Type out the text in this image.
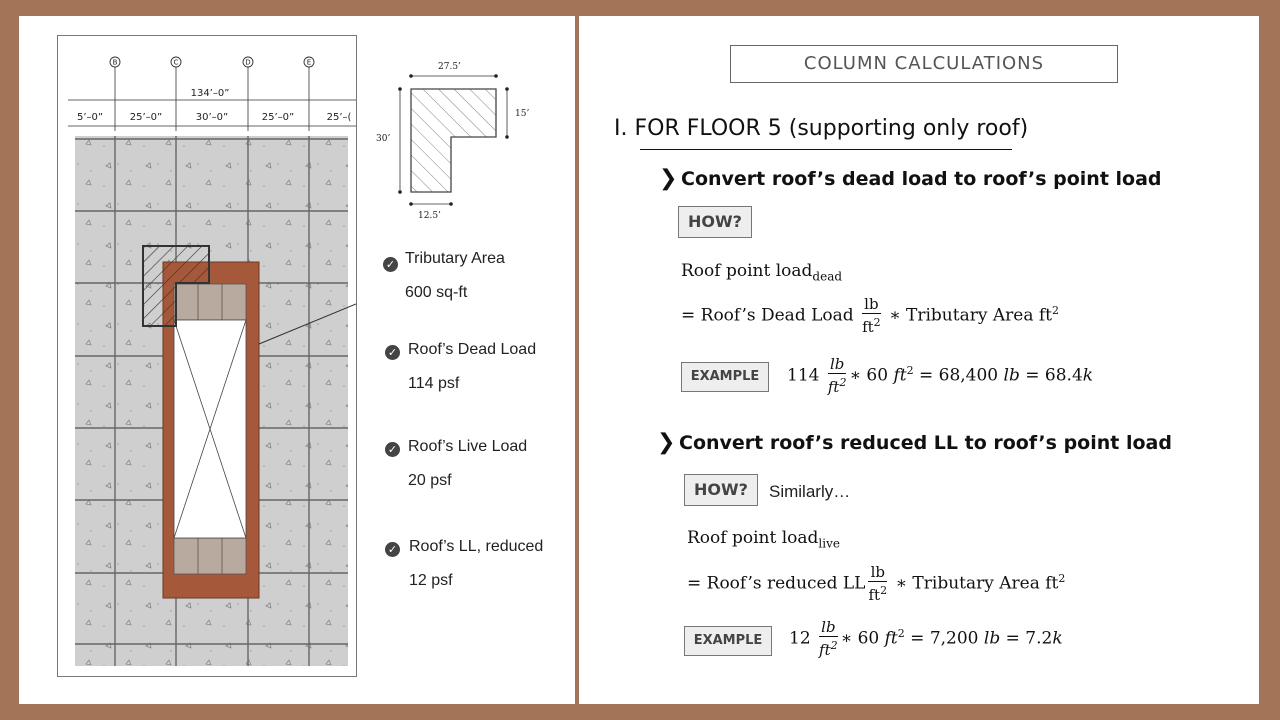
B	C	D	E
134’–0”
5’–0”	25’–0”	30’–0”	25’–0”	25’–(
27.5’
15’
30’
12.5’
✓ Tributary Area
600 sq-ft
✓ Roof’s Dead Load
114 psf
✓ Roof’s Live Load
20 psf
✓ Roof’s LL, reduced
12 psf
COLUMN CALCULATIONS
I. FOR FLOOR 5 (supporting only roof)
❯ Convert roof’s dead load to roof’s point load
HOW?
Roof point load$_{dead}$
= Roof’s Dead Load $\frac{lb}{ft^2}$ ∗ Tributary Area $ft^2$
EXAMPLE	$114 \frac{lb}{ft^2}$ ∗ 60 $ft^2 = 68,400$ lb = 68.4k
❯ Convert roof’s reduced LL to roof’s point load
HOW?	Similarly…
Roof point load$_{live}$
= Roof’s reduced LL $\frac{lb}{ft^2}$ ∗ Tributary Area $ft^2$
EXAMPLE	$12 \frac{lb}{ft^2}$ ∗ 60 $ft^2 = 7,200$ lb = 7.2k
